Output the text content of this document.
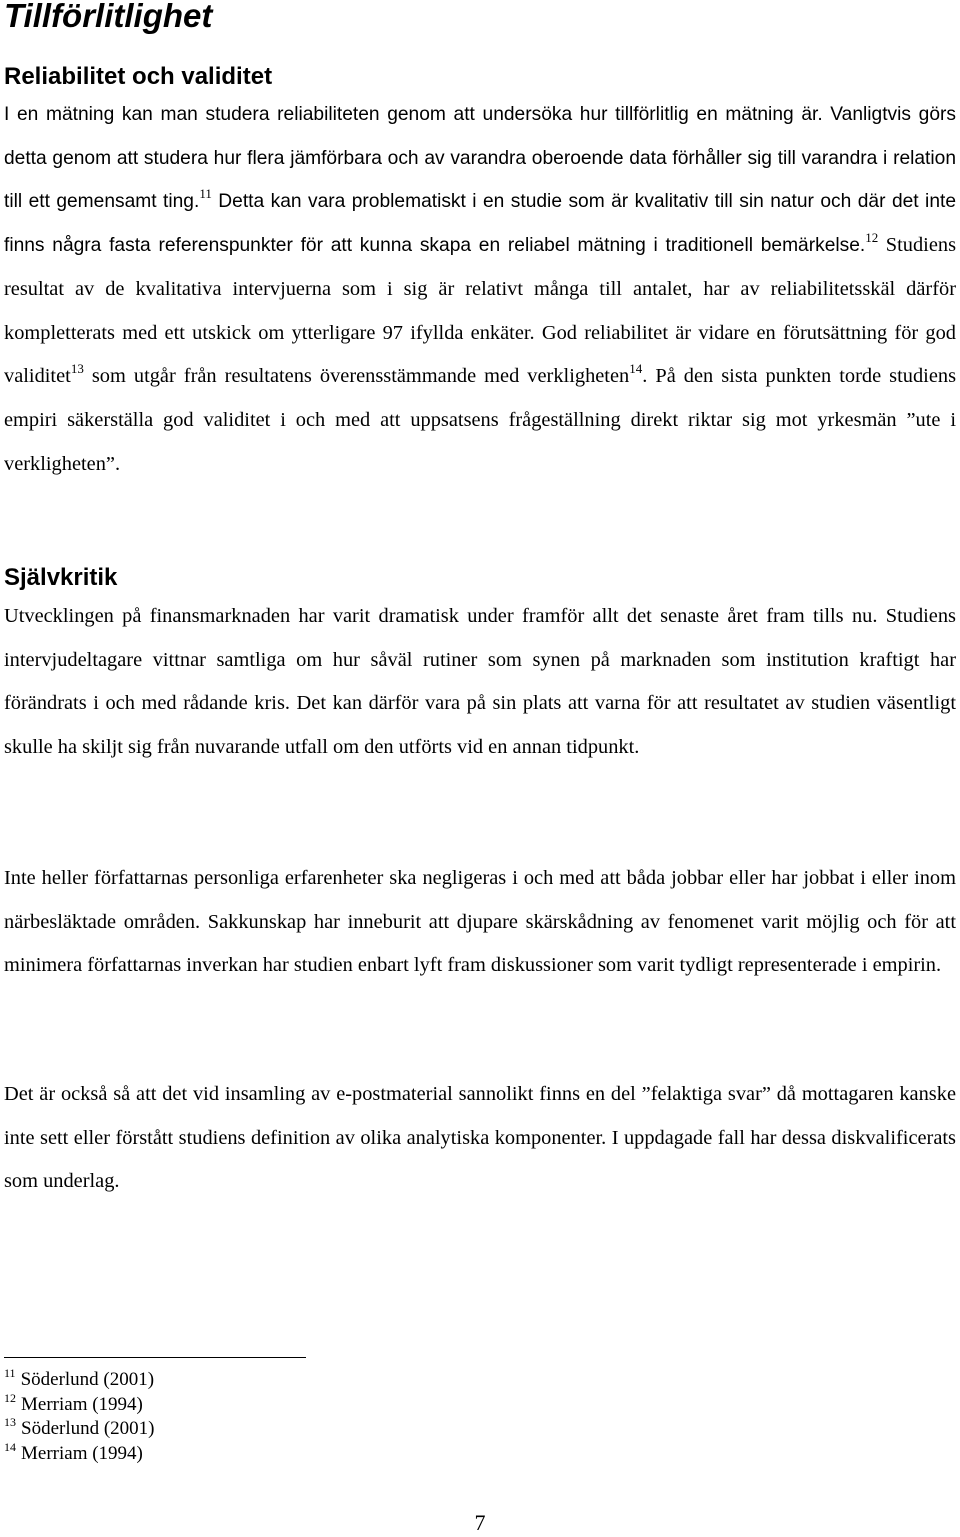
Tillförlitlighet
Reliabilitet och validitet

I en mätning kan man studera reliabiliteten genom att undersöka hur tillförlitlig en mätning är. Vanligtvis görs detta genom att studera hur flera jämförbara och av varandra oberoende data förhåller sig till varandra i relation till ett gemensamt ting.$^{11}$ Detta kan vara problematiskt i en studie som är kvalitativ till sin natur och där det inte finns några fasta referenspunkter för att kunna skapa en reliabel mätning i traditionell bemärkelse.$^{12}$ Studiens resultat av de kvalitativa intervjuerna som i sig är relativt många till antalet, har av reliabilitetsskäl därför kompletterats med ett utskick om ytterligare 97 ifyllda enkäter. God reliabilitet är vidare en förutsättning för god validitet$^{13}$ som utgår från resultatens överensstämmande med verkligheten$^{14}$. På den sista punkten torde studiens empiri säkerställa god validitet i och med att uppsatsens frågeställning direkt riktar sig mot yrkesmän ”ute i verkligheten”.

Självkritik

Utvecklingen på finansmarknaden har varit dramatisk under framför allt det senaste året fram tills nu. Studiens intervjudeltagare vittnar samtliga om hur såväl rutiner som synen på marknaden som institution kraftigt har förändrats i och med rådande kris. Det kan därför vara på sin plats att varna för att resultatet av studien väsentligt skulle ha skiljt sig från nuvarande utfall om den utförts vid en annan tidpunkt.

Inte heller författarnas personliga erfarenheter ska negligeras i och med att båda jobbar eller har jobbat i eller inom närbesläktade områden. Sakkunskap har inneburit att djupare skärskådning av fenomenet varit möjlig och för att minimera författarnas inverkan har studien enbart lyft fram diskussioner som varit tydligt representerade i empirin.

Det är också så att det vid insamling av e-postmaterial sannolikt finns en del ”felaktiga svar” då mottagaren kanske inte sett eller förstått studiens definition av olika analytiska komponenter. I uppdagade fall har dessa diskvalificerats som underlag.

$^{11}$ Söderlund (2001)
$^{12}$ Merriam (1994)
$^{13}$ Söderlund (2001)
$^{14}$ Merriam (1994)
7
